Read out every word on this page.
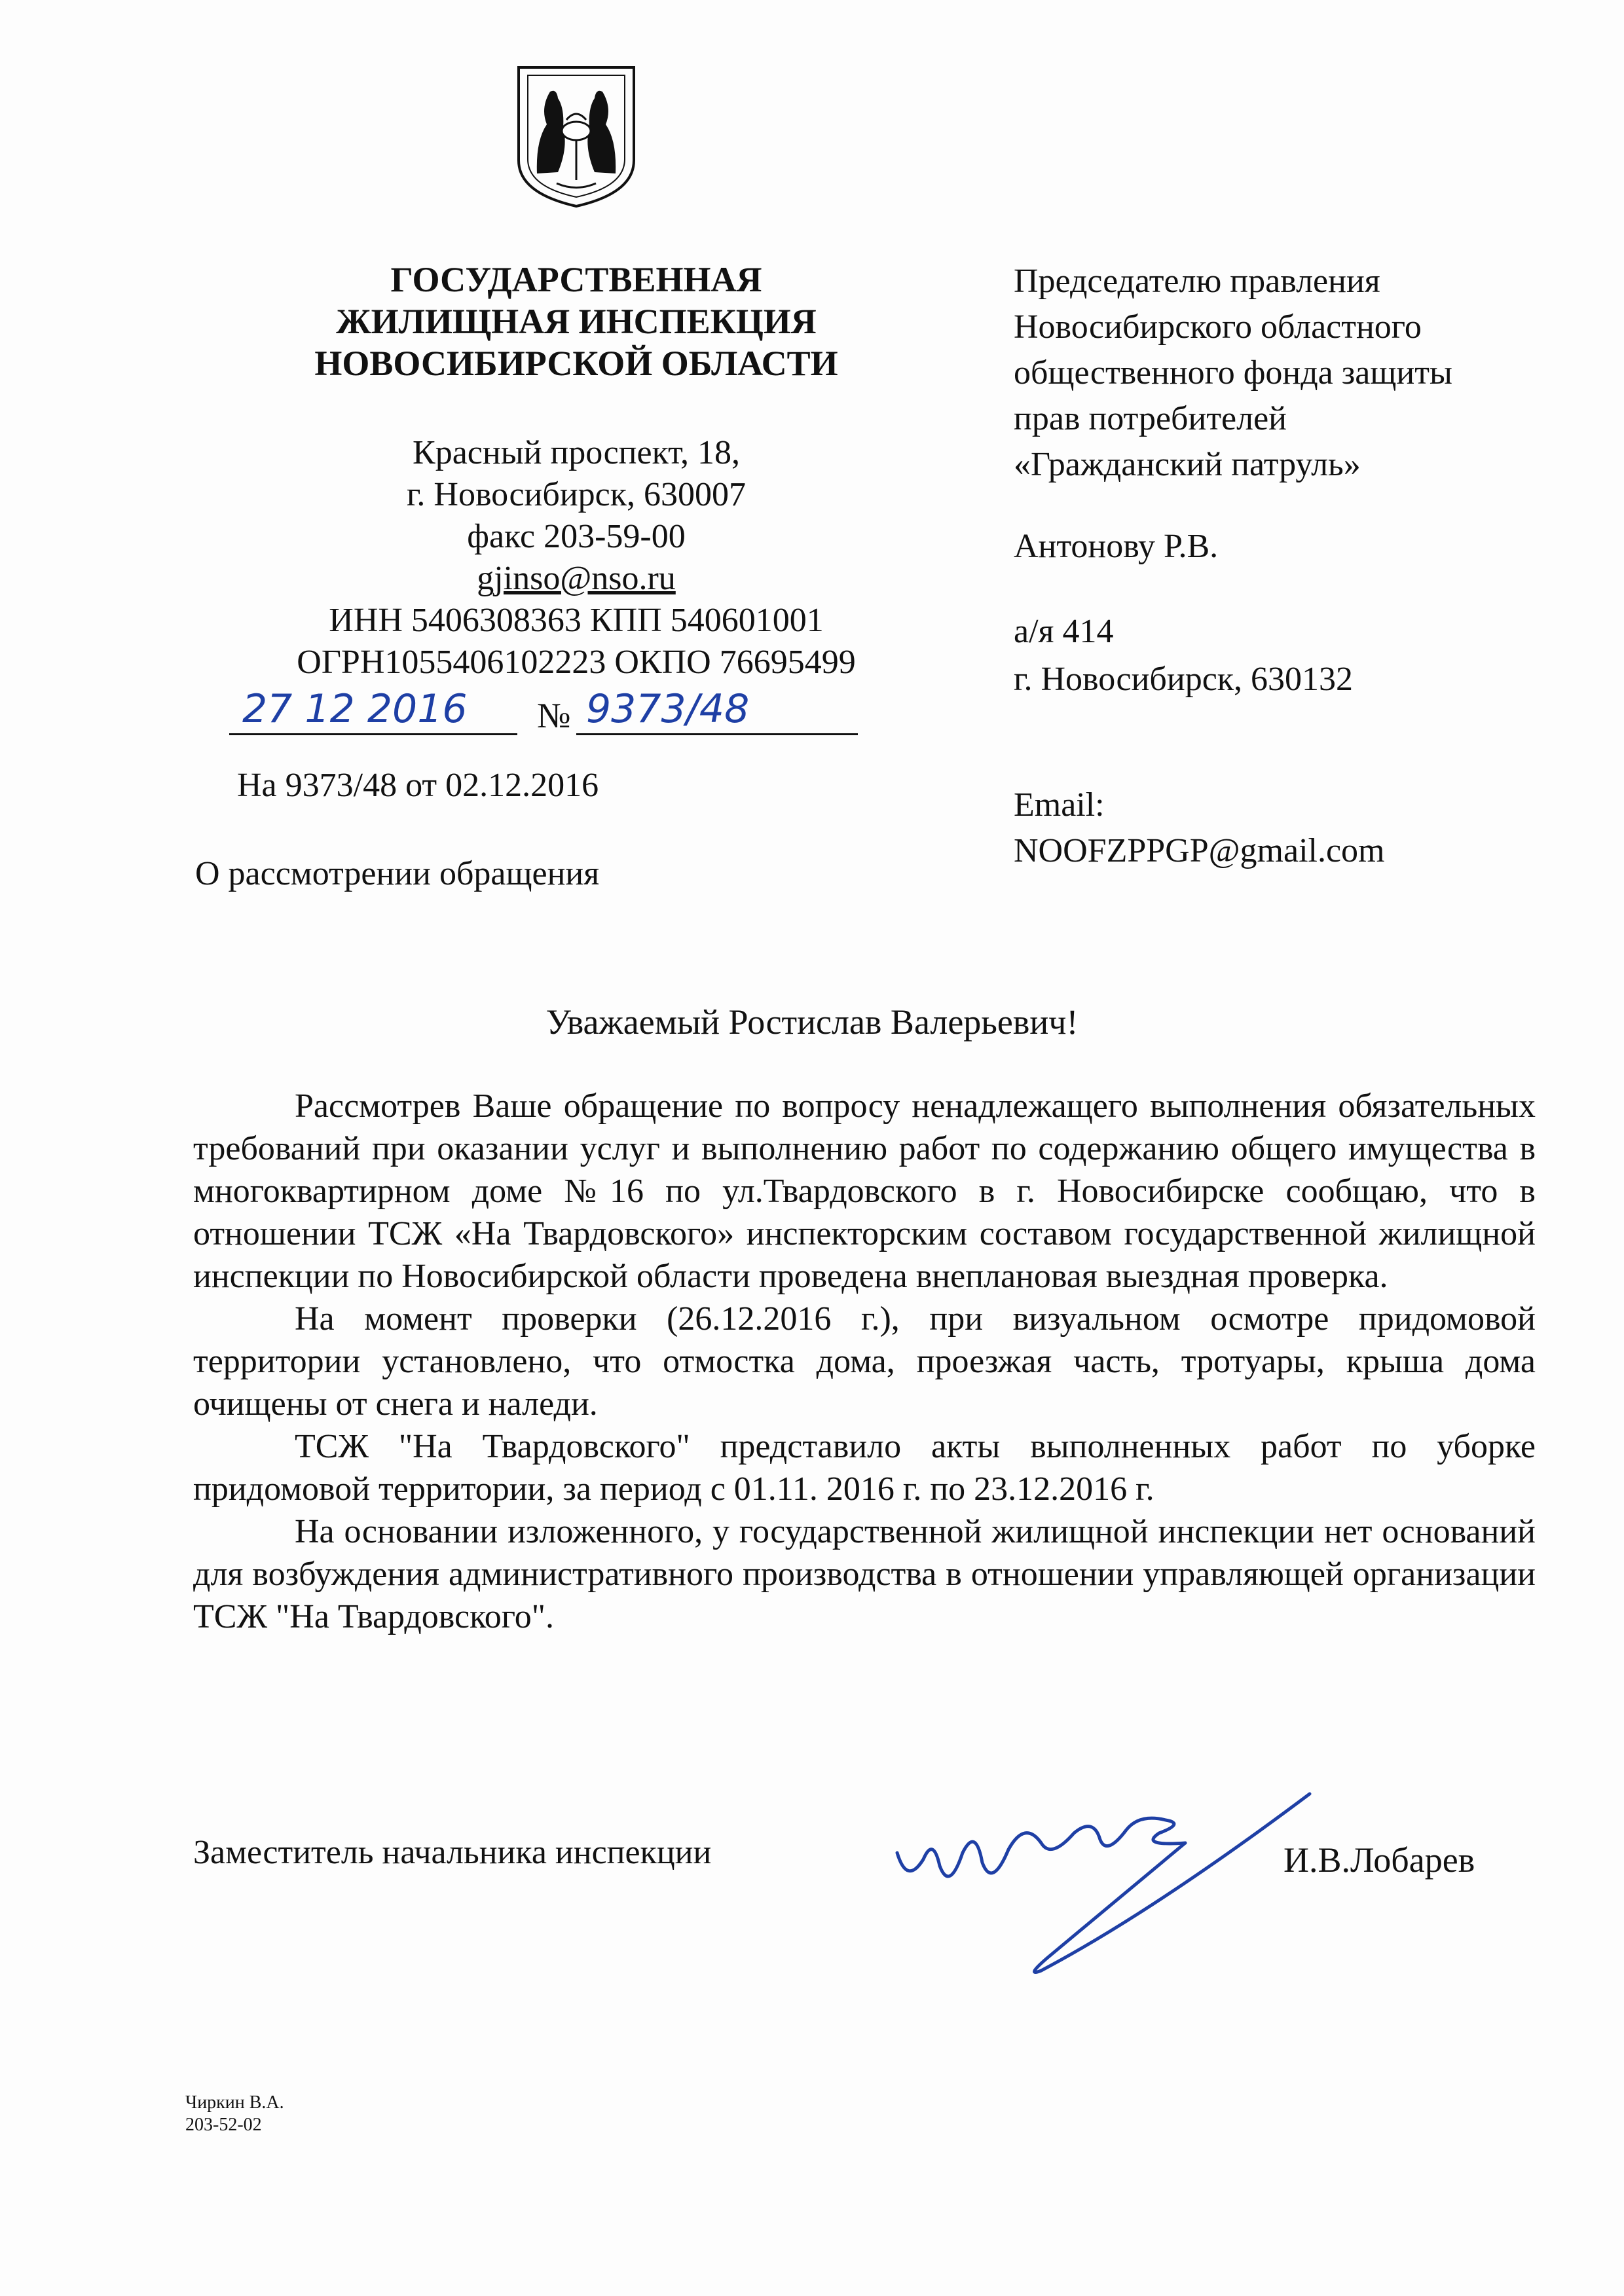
ГОСУДАРСТВЕННАЯ
ЖИЛИЩНАЯ ИНСПЕКЦИЯ
НОВОСИБИРСКОЙ ОБЛАСТИ
Красный проспект, 18,
г. Новосибирск, 630007
факс 203-59-00
gjinso@nso.ru
ИНН 5406308363 КПП 540601001
ОГРН1055406102223 ОКПО 76695499
27 12 2016 № 9373/48
На 9373/48 от 02.12.2016
О рассмотрении обращения
Председателю правления
Новосибирского областного
общественного фонда защиты
прав потребителей
«Гражданский патруль»
Антонову Р.В.
а/я 414
г. Новосибирск, 630132
Email:
NOOFZPPGP@gmail.com
Уважаемый Ростислав Валерьевич!

Рассмотрев Ваше обращение по вопросу ненадлежащего выполнения обязательных требований при оказании услуг и выполнению работ по содержанию общего имущества в многоквартирном доме №16 по ул.Твардовского в г. Новосибирске сообщаю, что в отношении ТСЖ «На Твардовского» инспекторским составом государственной жилищной инспекции по Новосибирской области проведена внеплановая выездная проверка.

На момент проверки (26.12.2016 г.), при визуальном осмотре придомовой территории установлено, что отмостка дома, проезжая часть, тротуары, крыша дома очищены от снега и наледи.

ТСЖ "На Твардовского" представило акты выполненных работ по уборке придомовой территории, за период с 01.11. 2016 г. по 23.12.2016 г.

На основании изложенного, у государственной жилищной инспекции нет оснований для возбуждения административного производства в отношении управляющей организации ТСЖ "На Твардовского".

Заместитель начальника инспекции	И.В.Лобарев
Чиркин В.А.
203-52-02
